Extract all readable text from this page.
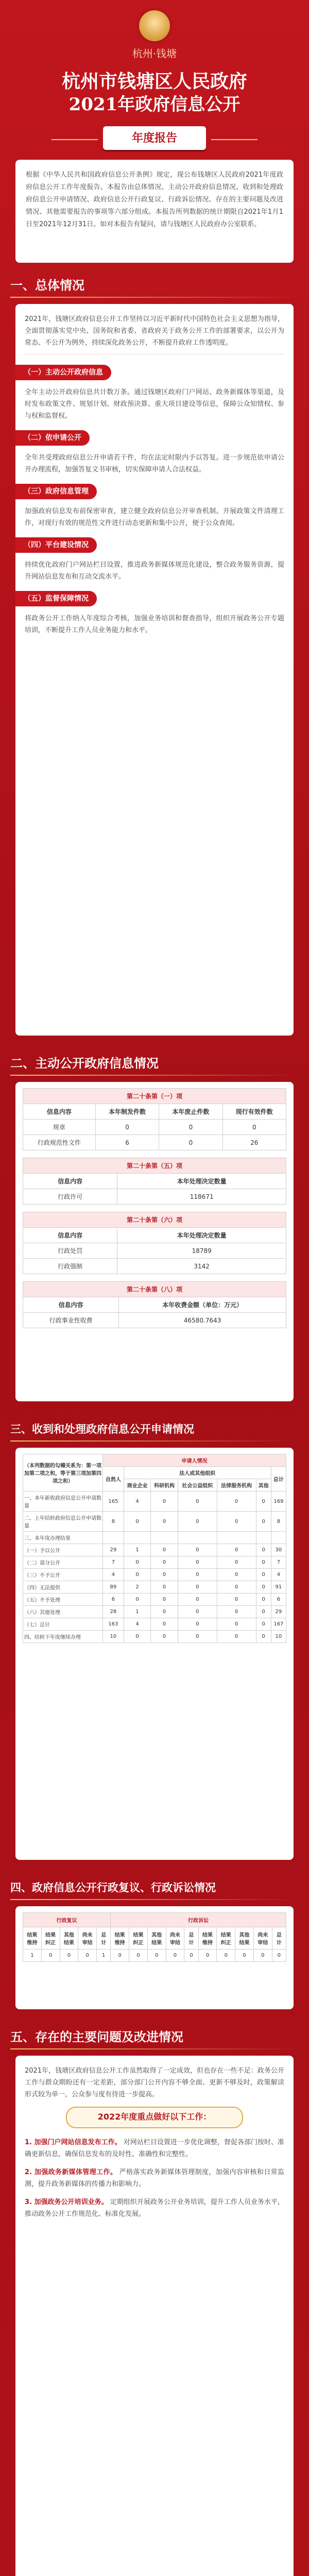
杭州·钱塘
杭州市钱塘区人民政府
2021年政府信息公开
年度报告

根据《中华人民共和国政府信息公开条例》规定，现公布钱塘区人民政府2021年度政府信息公开工作年度报告。本报告由总体情况、主动公开政府信息情况、收到和处理政府信息公开申请情况、政府信息公开行政复议、行政诉讼情况、存在的主要问题及改进情况、其他需要报告的事项等六部分组成。本报告所列数据的统计期限自2021年1月1日至2021年12月31日。如对本报告有疑问，请与钱塘区人民政府办公室联系。

一、总体情况

2021年，钱塘区政府信息公开工作坚持以习近平新时代中国特色社会主义思想为指导，全面贯彻落实党中央、国务院和省委、省政府关于政务公开工作的部署要求，以公开为常态、不公开为例外，持续深化政务公开，不断提升政府工作透明度。

（一）主动公开政府信息

全年主动公开政府信息共计数万条。通过钱塘区政府门户网站、政务新媒体等渠道，及时发布政策文件、规划计划、财政预决算、重大项目建设等信息，保障公众知情权、参与权和监督权。

（二）依申请公开

全年共受理政府信息公开申请若干件，均在法定时限内予以答复。进一步规范依申请公开办理流程，加强答复文书审核，切实保障申请人合法权益。

（三）政府信息管理

加强政府信息发布前保密审查，建立健全政府信息公开审查机制。开展政策文件清理工作，对现行有效的规范性文件进行动态更新和集中公开，便于公众查阅。

（四）平台建设情况

持续优化政府门户网站栏目设置，推进政务新媒体规范化建设，整合政务服务资源，提升网站信息发布和互动交流水平。

（五）监督保障情况

将政务公开工作纳入年度综合考核，加强业务培训和督查指导，组织开展政务公开专题培训，不断提升工作人员业务能力和水平。

二、主动公开政府信息情况
第二十条第（一）项			
信息内容	本年制发件数	本年废止件数	现行有效件数
规章	0	0	0
行政规范性文件	6	0	26
第二十条第（五）项	
信息内容	本年处理决定数量
行政许可	118671
第二十条第（六）项	
信息内容	本年处理决定数量
行政处罚	18789
行政强制	3142
第二十条第（八）项	
信息内容	本年收费金额（单位：万元）
行政事业性收费	46580.7643
三、收到和处理政府信息公开申请情况
（本列数据的勾稽关系为：第一项加第二项之和，等于第三项加第四项之和）	申请人情况						
	自然人	法人或其他组织					总计
		商业企业	科研机构	社会公益组织	法律服务机构	其他	
一、本年新收政府信息公开申请数量	165	4	0	0	0	0	169
二、上年结转政府信息公开申请数量	8	0	0	0	0	0	8
三、本年度办理结果							
（一）予以公开	29	1	0	0	0	0	30
（二）部分公开	7	0	0	0	0	0	7
（三）不予公开	4	0	0	0	0	0	4
（四）无法提供	89	2	0	0	0	0	91
（五）不予处理	6	0	0	0	0	0	6
（六）其他处理	28	1	0	0	0	0	29
（七）总计	163	4	0	0	0	0	167
四、结转下年度继续办理	10	0	0	0	0	0	10
四、政府信息公开行政复议、行政诉讼情况
行政复议					行政诉讼									
结果维持	结果纠正	其他结果	尚未审结	总计	结果维持	结果纠正	其他结果	尚未审结	总计	结果维持	结果纠正	其他结果	尚未审结	总计
1	0	0	0	1	0	0	0	0	0	0	0	0	0	0
五、存在的主要问题及改进情况

2021年，钱塘区政府信息公开工作虽然取得了一定成效，但也存在一些不足：政务公开工作与群众期盼还有一定差距，部分部门公开内容不够全面、更新不够及时，政策解读形式较为单一，公众参与度有待进一步提高。

2022年度重点做好以下工作：

1. 加强门户网站信息发布工作。 对网站栏目设置进一步优化调整，督促各部门按时、准确更新信息，确保信息发布的及时性、准确性和完整性。

2. 加强政务新媒体管理工作。 严格落实政务新媒体管理制度，加强内容审核和日常监测，提升政务新媒体的传播力和影响力。

3. 加强政务公开培训业务。 定期组织开展政务公开业务培训，提升工作人员业务水平，推动政务公开工作规范化、标准化发展。
